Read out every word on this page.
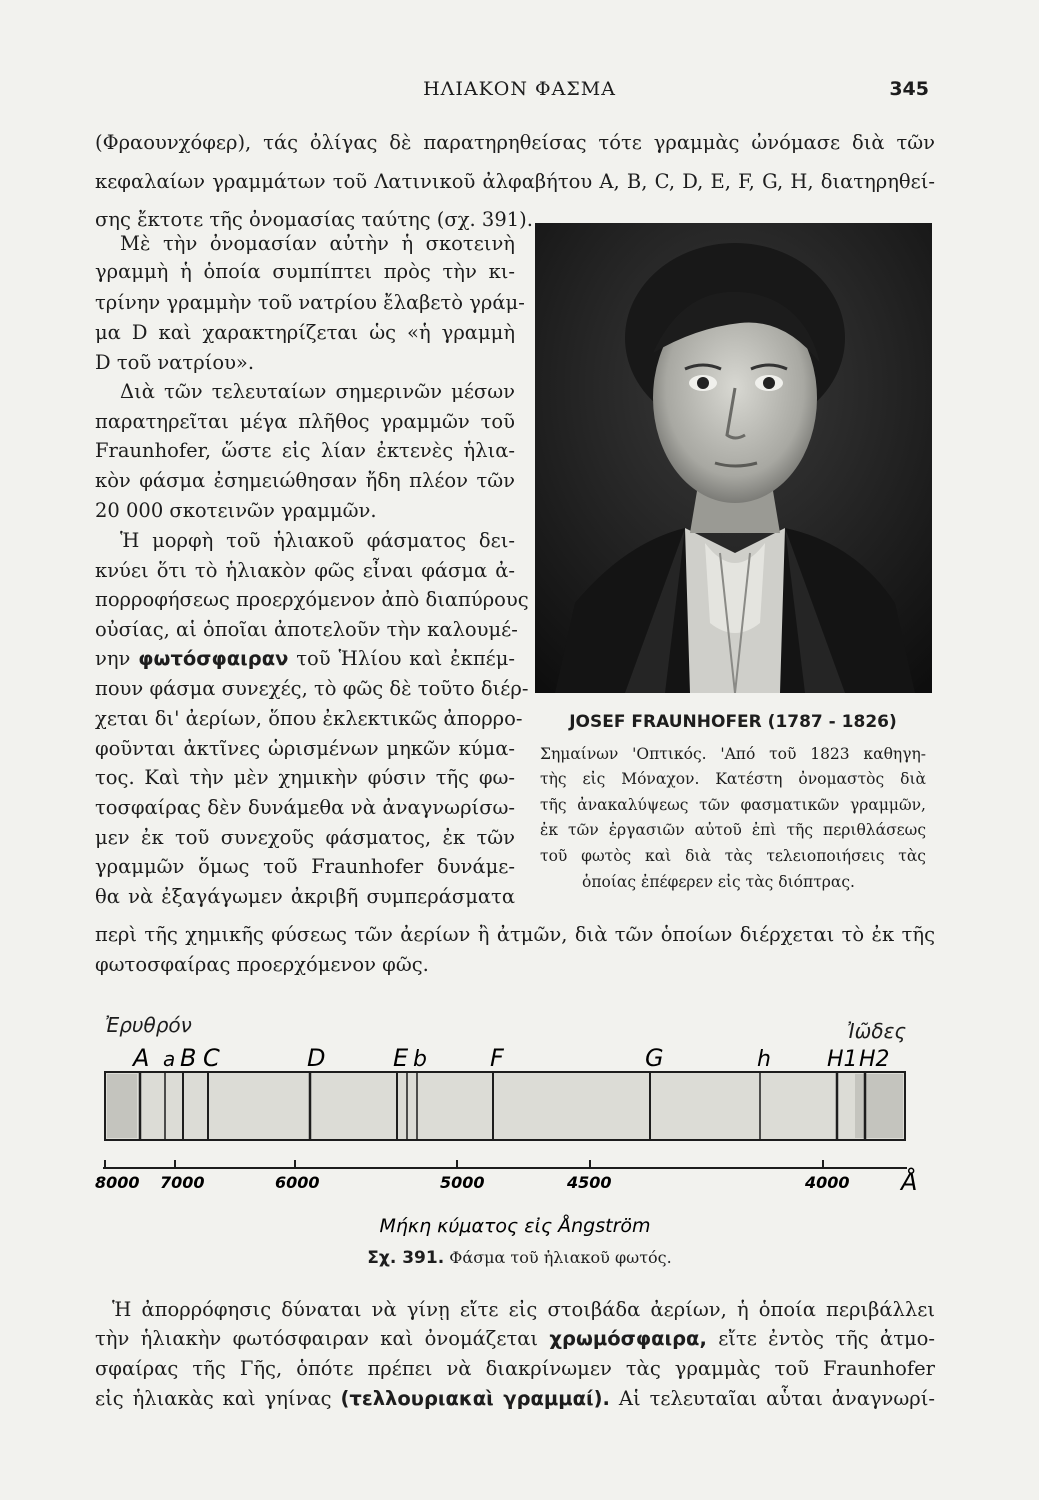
ΗΛΙΑΚΟΝ ΦΑΣΜΑ	345
(Φραουνχόφερ), τάς ὀλίγας δὲ παρατηρηθείσας τότε γραμμὰς ὠνόμασε διὰ τῶν
κεφαλαίων γραμμάτων τοῦ Λατινικοῦ ἀλφαβήτου A, B, C, D, E, F, G, H, διατηρηθεί-
σης ἔκτοτε τῆς ὀνομασίας ταύτης (σχ. 391).
Μὲ τὴν ὀνομασίαν αὐτὴν ἡ σκοτεινὴ
γραμμὴ ἡ ὁποία συμπίπτει πρὸς τὴν κι-
τρίνην γραμμὴν τοῦ νατρίου ἔλαβετὸ γράμ-
μα D καὶ χαρακτηρίζεται ὡς «ἡ γραμμὴ
D τοῦ νατρίου».
Διὰ τῶν τελευταίων σημερινῶν μέσων
παρατηρεῖται μέγα πλῆθος γραμμῶν τοῦ
Fraunhofer, ὥστε εἰς λίαν ἐκτενὲς ἡλια-
κὸν φάσμα ἐσημειώθησαν ἤδη πλέον τῶν
20 000 σκοτεινῶν γραμμῶν.
Ἡ μορφὴ τοῦ ἡλιακοῦ φάσματος δει-
κνύει ὅτι τὸ ἡλιακὸν φῶς εἶναι φάσμα ἀ-
πορροφήσεως προερχόμενον ἀπὸ διαπύρους
οὐσίας, αἱ ὁποῖαι ἀποτελοῦν τὴν καλουμέ-
νην φωτόσφαιραν τοῦ Ἡλίου καὶ ἐκπέμ-
πουν φάσμα συνεχές, τὸ φῶς δὲ τοῦτο διέρ-
χεται δι' ἀερίων, ὅπου ἐκλεκτικῶς ἀπορρο-
φοῦνται ἀκτῖνες ὡρισμένων μηκῶν κύμα-
τος. Καὶ τὴν μὲν χημικὴν φύσιν τῆς φω-
τοσφαίρας δὲν δυνάμεθα νὰ ἀναγνωρίσω-
μεν ἐκ τοῦ συνεχοῦς φάσματος, ἐκ τῶν
γραμμῶν ὅμως τοῦ Fraunhofer δυνάμε-
θα νὰ ἐξαγάγωμεν ἀκριβῆ συμπεράσματα
περὶ τῆς χημικῆς φύσεως τῶν ἀερίων ἢ ἀτμῶν, διὰ τῶν ὁποίων διέρχεται τὸ ἐκ τῆς
φωτοσφαίρας προερχόμενον φῶς.
JOSEF FRAUNHOFER (1787 - 1826)
Σημαίνων 'Οπτικός. 'Από τοῦ 1823 καθηγη-
τὴς εἰς Μόναχον. Κατέστη ὀνομαστὸς διὰ
τῆς ἀνακαλύψεως τῶν φασματικῶν γραμμῶν,
ἐκ τῶν ἐργασιῶν αὐτοῦ ἐπὶ τῆς περιθλάσεως
τοῦ φωτὸς καὶ διὰ τὰς τελειοποιήσεις τὰς
ὁποίας ἐπέφερεν εἰς τὰς διόπτρας.
Ἐρυθρόν	Ἰῶδες
A a B C	D	E b	F	G	h	H1 H2
8000 7000	6000	5000	4500	4000 Å
Μήκη κύματος εἰς Ångström
Σχ. 391. Φάσμα τοῦ ἡλιακοῦ φωτός.
Ἡ ἀπορρόφησις δύναται νὰ γίνῃ εἴτε εἰς στοιβάδα ἀερίων, ἡ ὁποία περιβάλλει
τὴν ἡλιακὴν φωτόσφαιραν καὶ ὀνομάζεται χρωμόσφαιρα, εἴτε ἐντὸς τῆς ἀτμο-
σφαίρας τῆς Γῆς, ὁπότε πρέπει νὰ διακρίνωμεν τὰς γραμμὰς τοῦ Fraunhofer
εἰς ἡλιακὰς καὶ γηίνας (τελλουριακαὶ γραμμαί). Αἱ τελευταῖαι αὗται ἀναγνωρί-
